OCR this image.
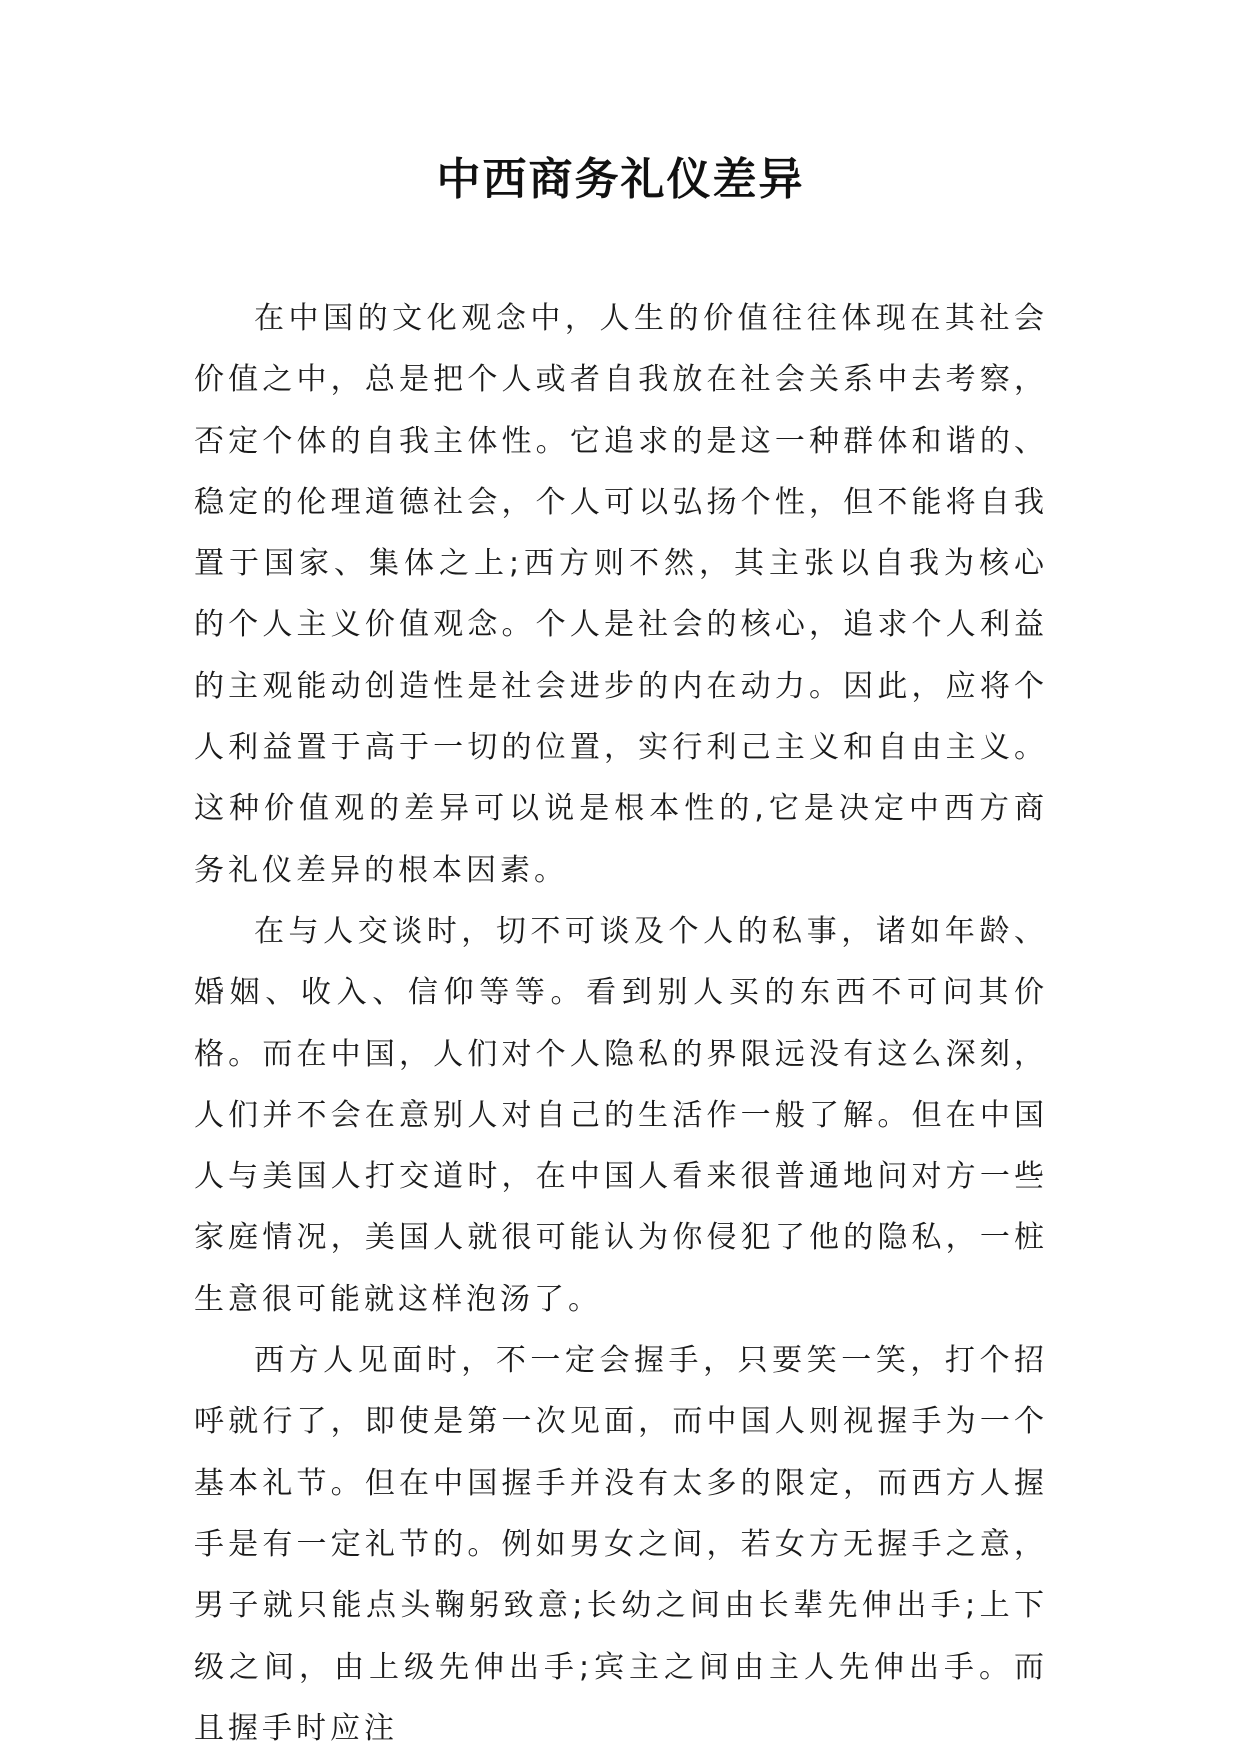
中西商务礼仪差异

在中国的文化观念中，人生的价值往往体现在其社会价值之中，总是把个人或者自我放在社会关系中去考察，否定个体的自我主体性。它追求的是这一种群体和谐的、稳定的伦理道德社会，个人可以弘扬个性，但不能将自我置于国家、集体之上;西方则不然，其主张以自我为核心的个人主义价值观念。个人是社会的核心，追求个人利益的主观能动创造性是社会进步的内在动力。因此，应将个人利益置于高于一切的位置，实行利己主义和自由主义。这种价值观的差异可以说是根本性的,它是决定中西方商务礼仪差异的根本因素。

在与人交谈时，切不可谈及个人的私事，诸如年龄、婚姻、收入、信仰等等。看到别人买的东西不可问其价格。而在中国，人们对个人隐私的界限远没有这么深刻，人们并不会在意别人对自己的生活作一般了解。但在中国人与美国人打交道时，在中国人看来很普通地问对方一些家庭情况，美国人就很可能认为你侵犯了他的隐私，一桩生意很可能就这样泡汤了。

西方人见面时，不一定会握手，只要笑一笑，打个招呼就行了，即使是第一次见面，而中国人则视握手为一个基本礼节。但在中国握手并没有太多的限定，而西方人握手是有一定礼节的。例如男女之间，若女方无握手之意，男子就只能点头鞠躬致意;长幼之间由长辈先伸出手;上下级之间，由上级先伸出手;宾主之间由主人先伸出手。而且握手时应注
